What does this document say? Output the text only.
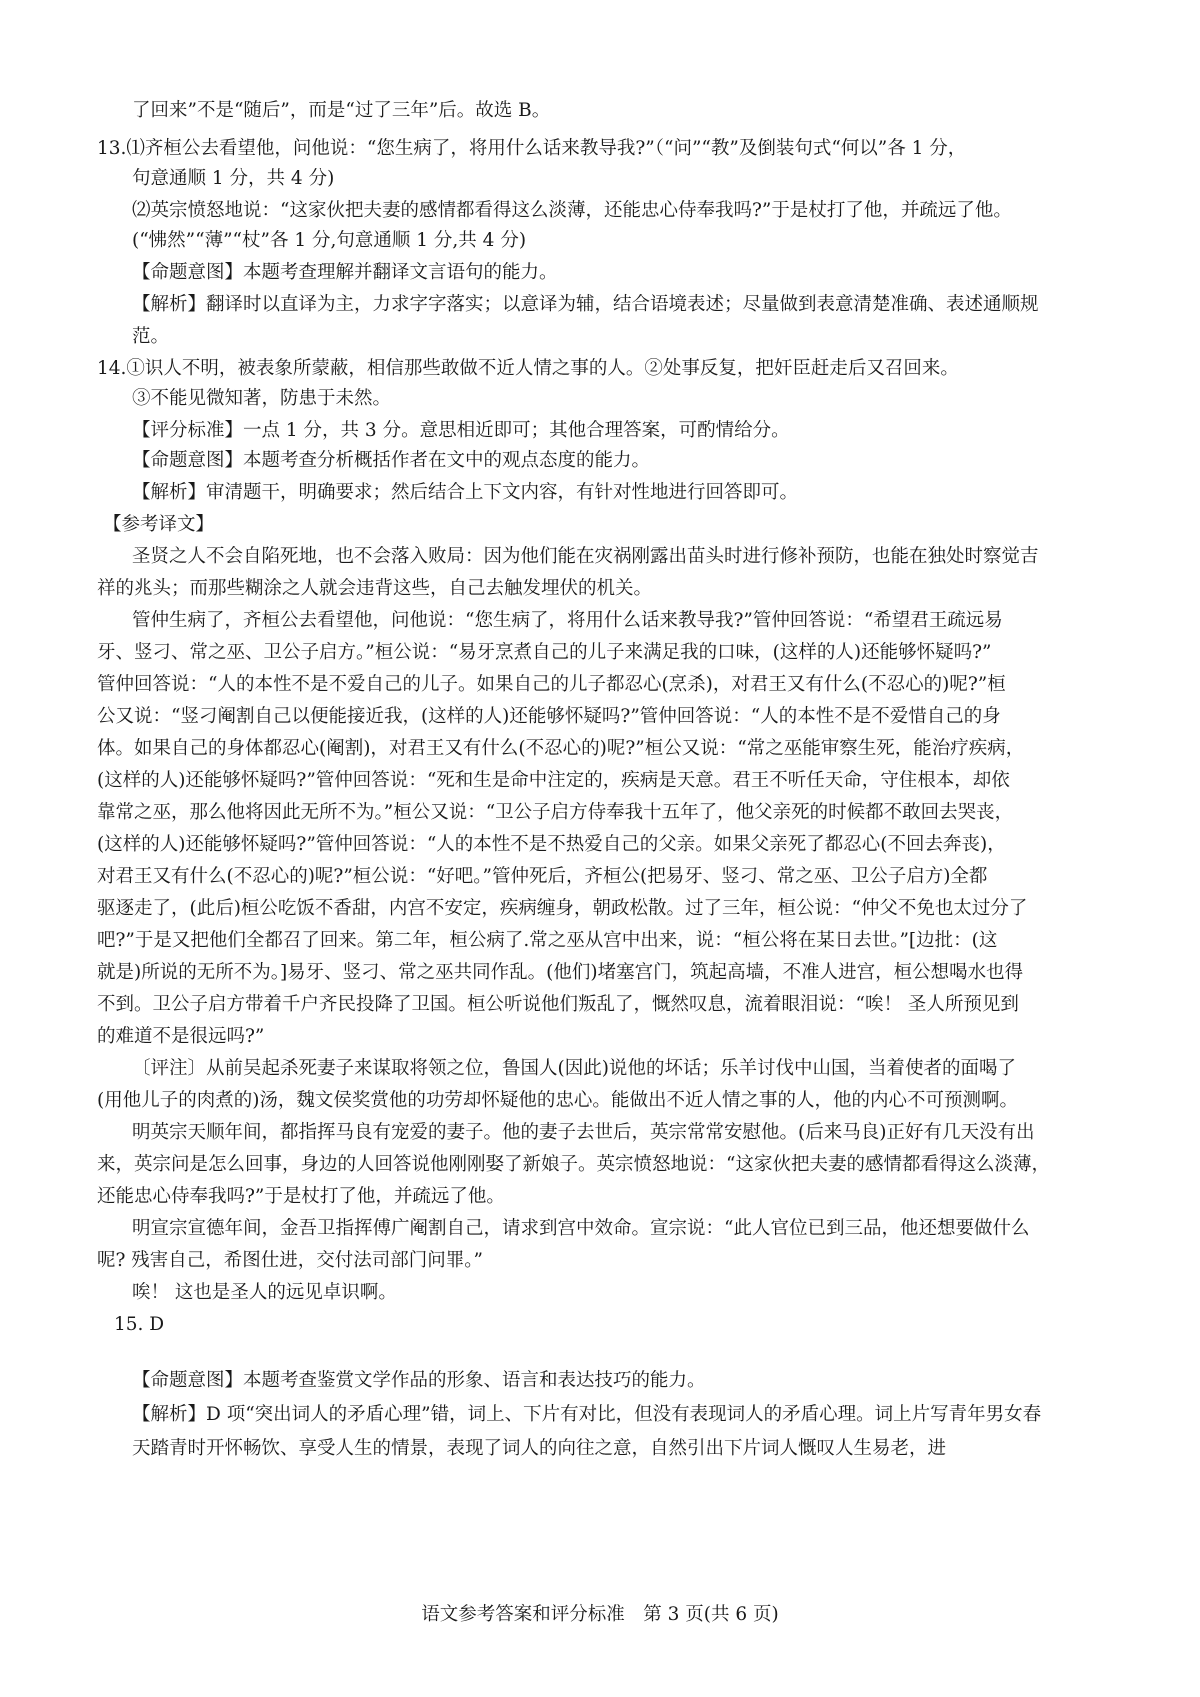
了回来”不是“随后”，而是“过了三年”后。故选 B。
13.⑴齐桓公去看望他，问他说：“您生病了，将用什么话来教导我?”（“问”“教”及倒装句式“何以”各 1 分，
句意通顺 1 分，共 4 分)
⑵英宗愤怒地说：“这家伙把夫妻的感情都看得这么淡薄，还能忠心侍奉我吗?”于是杖打了他，并疏远了他。
(“怫然”“薄”“杖”各 1 分,句意通顺 1 分,共 4 分)
【命题意图】本题考查理解并翻译文言语句的能力。
【解析】翻译时以直译为主，力求字字落实；以意译为辅，结合语境表述；尽量做到表意清楚准确、表述通顺规
范。
14.①识人不明，被表象所蒙蔽，相信那些敢做不近人情之事的人。②处事反复，把奸臣赶走后又召回来。
③不能见微知著，防患于未然。
【评分标准】一点 1 分，共 3 分。意思相近即可；其他合理答案，可酌情给分。
【命题意图】本题考查分析概括作者在文中的观点态度的能力。
【解析】审清题干，明确要求；然后结合上下文内容，有针对性地进行回答即可。
【参考译文】
圣贤之人不会自陷死地，也不会落入败局：因为他们能在灾祸刚露出苗头时进行修补预防，也能在独处时察觉吉
祥的兆头；而那些糊涂之人就会违背这些，自己去触发埋伏的机关。
管仲生病了，齐桓公去看望他，问他说：“您生病了，将用什么话来教导我?”管仲回答说：“希望君王疏远易
牙、竖刁、常之巫、卫公子启方。”桓公说：“易牙烹煮自己的儿子来满足我的口味，(这样的人)还能够怀疑吗?”
管仲回答说：“人的本性不是不爱自己的儿子。如果自己的儿子都忍心(烹杀)，对君王又有什么(不忍心的)呢?”桓
公又说：“竖刁阉割自己以便能接近我，(这样的人)还能够怀疑吗?”管仲回答说：“人的本性不是不爱惜自己的身
体。如果自己的身体都忍心(阉割)，对君王又有什么(不忍心的)呢?”桓公又说：“常之巫能审察生死，能治疗疾病，
(这样的人)还能够怀疑吗?”管仲回答说：“死和生是命中注定的，疾病是天意。君王不听任天命，守住根本，却依
靠常之巫，那么他将因此无所不为。”桓公又说：“卫公子启方侍奉我十五年了，他父亲死的时候都不敢回去哭丧，
(这样的人)还能够怀疑吗?”管仲回答说：“人的本性不是不热爱自己的父亲。如果父亲死了都忍心(不回去奔丧)，
对君王又有什么(不忍心的)呢?”桓公说：“好吧。”管仲死后，齐桓公(把易牙、竖刁、常之巫、卫公子启方)全都
驱逐走了，(此后)桓公吃饭不香甜，内宫不安定，疾病缠身，朝政松散。过了三年，桓公说：“仲父不免也太过分了
吧?”于是又把他们全都召了回来。第二年，桓公病了.常之巫从宫中出来，说：“桓公将在某日去世。”[边批：(这
就是)所说的无所不为。]易牙、竖刁、常之巫共同作乱。(他们)堵塞宫门，筑起高墙，不准人进宫，桓公想喝水也得
不到。卫公子启方带着千户齐民投降了卫国。桓公听说他们叛乱了，慨然叹息，流着眼泪说：“唉！ 圣人所预见到
的难道不是很远吗?”
〔评注〕从前吴起杀死妻子来谋取将领之位，鲁国人(因此)说他的坏话；乐羊讨伐中山国，当着使者的面喝了
(用他儿子的肉煮的)汤，魏文侯奖赏他的功劳却怀疑他的忠心。能做出不近人情之事的人，他的内心不可预测啊。
明英宗天顺年间，都指挥马良有宠爱的妻子。他的妻子去世后，英宗常常安慰他。(后来马良)正好有几天没有出
来，英宗问是怎么回事，身边的人回答说他刚刚娶了新娘子。英宗愤怒地说：“这家伙把夫妻的感情都看得这么淡薄，
还能忠心侍奉我吗?”于是杖打了他，并疏远了他。
明宣宗宣德年间，金吾卫指挥傅广阉割自己，请求到宫中效命。宣宗说：“此人官位已到三品，他还想要做什么
呢? 残害自己，希图仕进，交付法司部门问罪。”
唉！ 这也是圣人的远见卓识啊。
15. D
【命题意图】本题考查鉴赏文学作品的形象、语言和表达技巧的能力。
【解析】D 项“突出词人的矛盾心理”错，词上、下片有对比，但没有表现词人的矛盾心理。词上片写青年男女春
天踏青时开怀畅饮、享受人生的情景，表现了词人的向往之意，自然引出下片词人慨叹人生易老，进
语文参考答案和评分标准　第 3 页(共 6 页)
